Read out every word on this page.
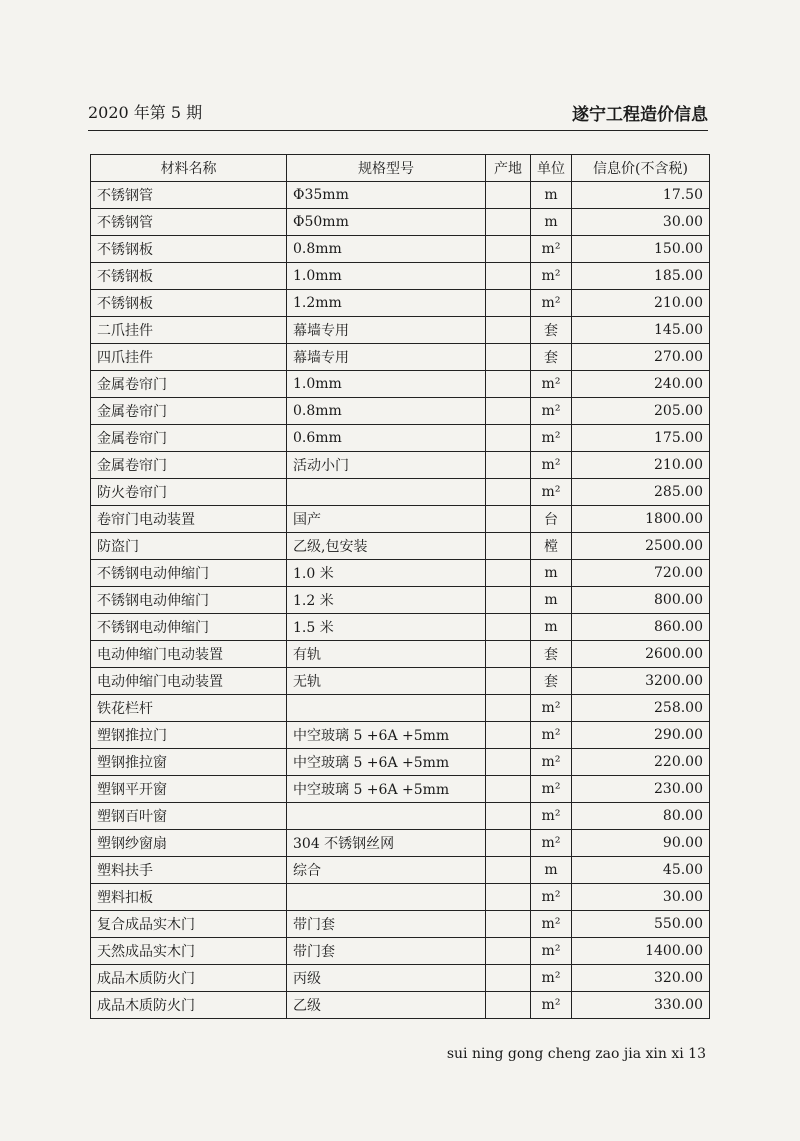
2020 年第 5 期	遂宁工程造价信息
材料名称	规格型号	产地	单位	信息价(不含税)
不锈钢管	Φ35mm		m	17.50
不锈钢管	Φ50mm		m	30.00
不锈钢板	0.8mm		m²	150.00
不锈钢板	1.0mm		m²	185.00
不锈钢板	1.2mm		m²	210.00
二爪挂件	幕墙专用		套	145.00
四爪挂件	幕墙专用		套	270.00
金属卷帘门	1.0mm		m²	240.00
金属卷帘门	0.8mm		m²	205.00
金属卷帘门	0.6mm		m²	175.00
金属卷帘门	活动小门		m²	210.00
防火卷帘门			m²	285.00
卷帘门电动装置	国产		台	1800.00
防盗门	乙级,包安装		樘	2500.00
不锈钢电动伸缩门	1.0 米		m	720.00
不锈钢电动伸缩门	1.2 米		m	800.00
不锈钢电动伸缩门	1.5 米		m	860.00
电动伸缩门电动装置	有轨		套	2600.00
电动伸缩门电动装置	无轨		套	3200.00
铁花栏杆			m²	258.00
塑钢推拉门	中空玻璃 5 +6A +5mm		m²	290.00
塑钢推拉窗	中空玻璃 5 +6A +5mm		m²	220.00
塑钢平开窗	中空玻璃 5 +6A +5mm		m²	230.00
塑钢百叶窗			m²	80.00
塑钢纱窗扇	304 不锈钢丝网		m²	90.00
塑料扶手	综合		m	45.00
塑料扣板			m²	30.00
复合成品实木门	带门套		m²	550.00
天然成品实木门	带门套		m²	1400.00
成品木质防火门	丙级		m²	320.00
成品木质防火门	乙级		m²	330.00
sui ning gong cheng zao jia xin xi 13
